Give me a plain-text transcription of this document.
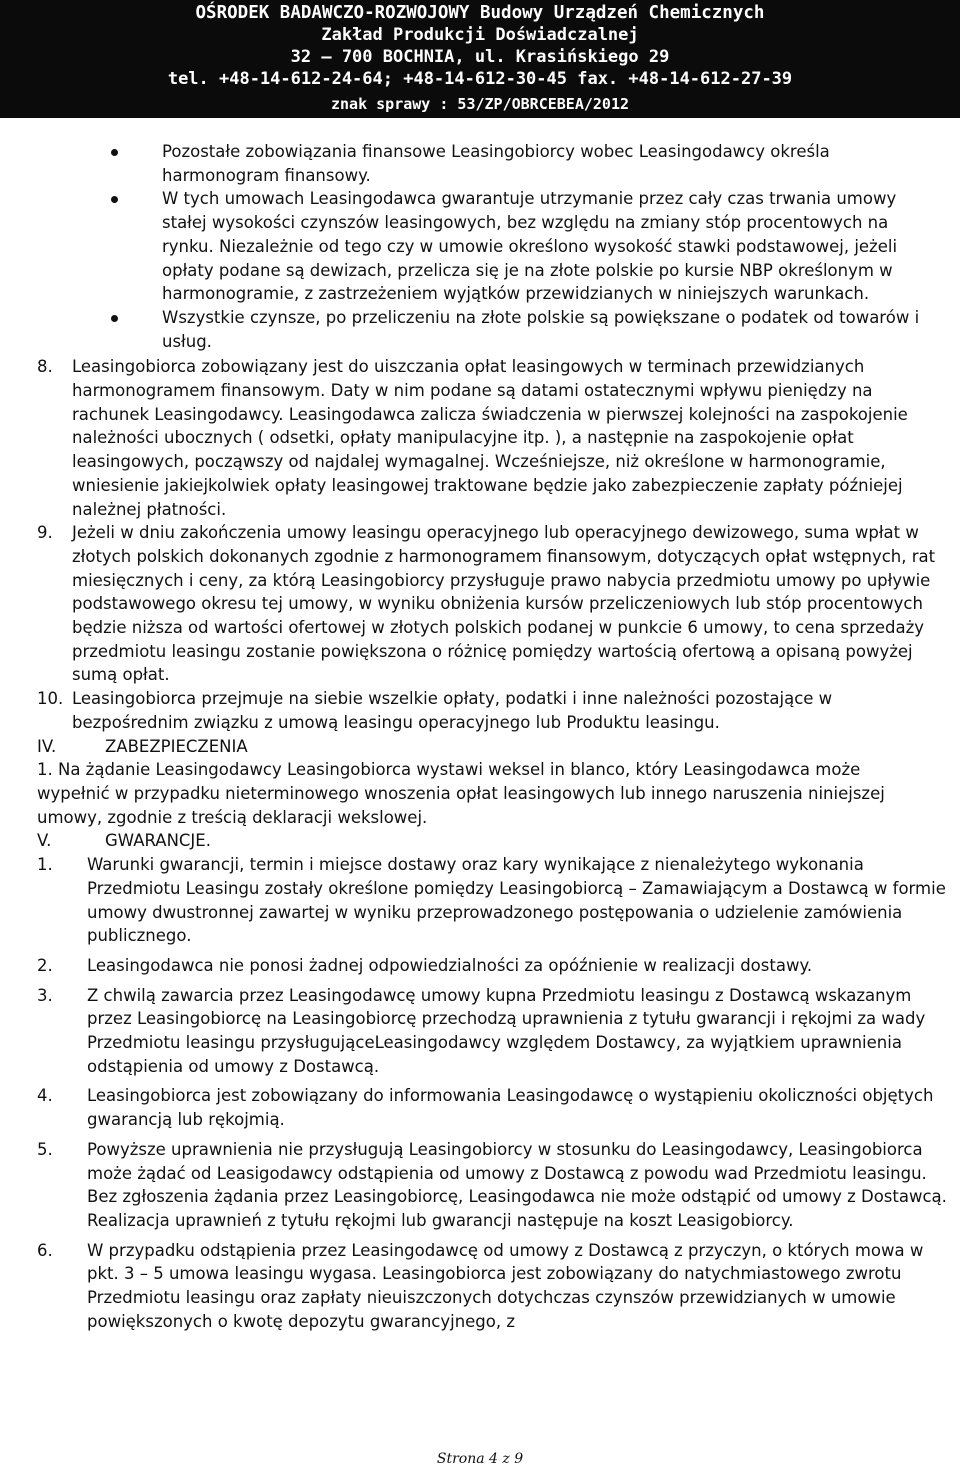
OŚRODEK BADAWCZO-ROZWOJOWY Budowy Urządzeń Chemicznych
Zakład Produkcji Doświadczalnej
32 – 700 BOCHNIA, ul. Krasińskiego 29
tel. +48-14-612-24-64; +48-14-612-30-45 fax. +48-14-612-27-39
znak sprawy : 53/ZP/OBRCEBEA/2012
Pozostałe zobowiązania finansowe Leasingobiorcy wobec Leasingodawcy określa harmonogram finansowy.
W tych umowach Leasingodawca gwarantuje utrzymanie przez cały czas trwania umowy stałej wysokości czynszów leasingowych, bez względu na zmiany stóp procentowych na rynku. Niezależnie od tego czy w umowie określono wysokość stawki podstawowej, jeżeli opłaty podane są dewizach, przelicza się je na złote polskie po kursie NBP określonym w harmonogramie, z zastrzeżeniem wyjątków przewidzianych w niniejszych warunkach.
Wszystkie czynsze, po przeliczeniu na złote polskie są powiększane o podatek od towarów i usług.
8.	Leasingobiorca zobowiązany jest do uiszczania opłat leasingowych w terminach przewidzianych harmonogramem finansowym. Daty w nim podane są datami ostatecznymi wpływu pieniędzy na rachunek Leasingodawcy. Leasingodawca zalicza świadczenia w pierwszej kolejności na zaspokojenie należności ubocznych ( odsetki, opłaty manipulacyjne itp. ), a następnie na zaspokojenie opłat leasingowych, począwszy od najdalej wymagalnej. Wcześniejsze, niż określone w harmonogramie, wniesienie jakiejkolwiek opłaty leasingowej traktowane będzie jako zabezpieczenie zapłaty późniejej należnej płatności.
9.	Jeżeli w dniu zakończenia umowy leasingu operacyjnego lub operacyjnego dewizowego, suma wpłat w złotych polskich dokonanych zgodnie z harmonogramem finansowym, dotyczących opłat wstępnych, rat miesięcznych i ceny, za którą Leasingobiorcy przysługuje prawo nabycia przedmiotu umowy po upływie podstawowego okresu tej umowy, w wyniku obniżenia kursów przeliczeniowych lub stóp procentowych będzie niższa od wartości ofertowej w złotych polskich podanej w punkcie 6 umowy, to cena sprzedaży przedmiotu leasingu zostanie powiększona o różnicę pomiędzy wartością ofertową a opisaną powyżej sumą opłat.
10. Leasingobiorca przejmuje na siebie wszelkie opłaty, podatki i inne należności pozostające w bezpośrednim związku z umową leasingu operacyjnego lub Produktu leasingu.
IV.	ZABEZPIECZENIA
1. Na żądanie Leasingodawcy Leasingobiorca wystawi weksel in blanco, który Leasingodawca może wypełnić w przypadku nieterminowego wnoszenia opłat leasingowych lub innego naruszenia niniejszej umowy, zgodnie z treścią deklaracji wekslowej.
V.	GWARANCJE.
1.	Warunki gwarancji, termin i miejsce dostawy oraz kary wynikające z nienależytego wykonania Przedmiotu Leasingu zostały określone pomiędzy Leasingobiorcą – Zamawiającym a Dostawcą w formie umowy dwustronnej zawartej w wyniku przeprowadzonego postępowania o udzielenie zamówienia publicznego.
2.	Leasingodawca nie ponosi żadnej odpowiedzialności za opóźnienie w realizacji dostawy.
3.	Z chwilą zawarcia przez Leasingodawcę umowy kupna Przedmiotu leasingu z Dostawcą wskazanym przez Leasingobiorcę na Leasingobiorcę przechodzą uprawnienia z tytułu gwarancji i rękojmi za wady Przedmiotu leasingu przysługująceLeasingodawcy względem Dostawcy, za wyjątkiem uprawnienia odstąpienia od umowy z Dostawcą.
4.	Leasingobiorca jest zobowiązany do informowania Leasingodawcę o wystąpieniu okoliczności objętych gwarancją lub rękojmią.
5.	Powyższe uprawnienia nie przysługują Leasingobiorcy w stosunku do Leasingodawcy, Leasingobiorca może żądać od Leasigodawcy odstąpienia od umowy z Dostawcą z powodu wad Przedmiotu leasingu. Bez zgłoszenia żądania przez Leasingobiorcę, Leasingodawca nie może odstąpić od umowy z Dostawcą. Realizacja uprawnień z tytułu rękojmi lub gwarancji następuje na koszt Leasigobiorcy.
6.	W przypadku odstąpienia przez Leasingodawcę od umowy z Dostawcą z przyczyn, o których mowa w pkt. 3 – 5 umowa leasingu wygasa. Leasingobiorca jest zobowiązany do natychmiastowego zwrotu Przedmiotu leasingu oraz zapłaty nieuiszczonych dotychczas czynszów przewidzianych w umowie powiększonych o kwotę depozytu gwarancyjnego, z
Strona 4 z 9
